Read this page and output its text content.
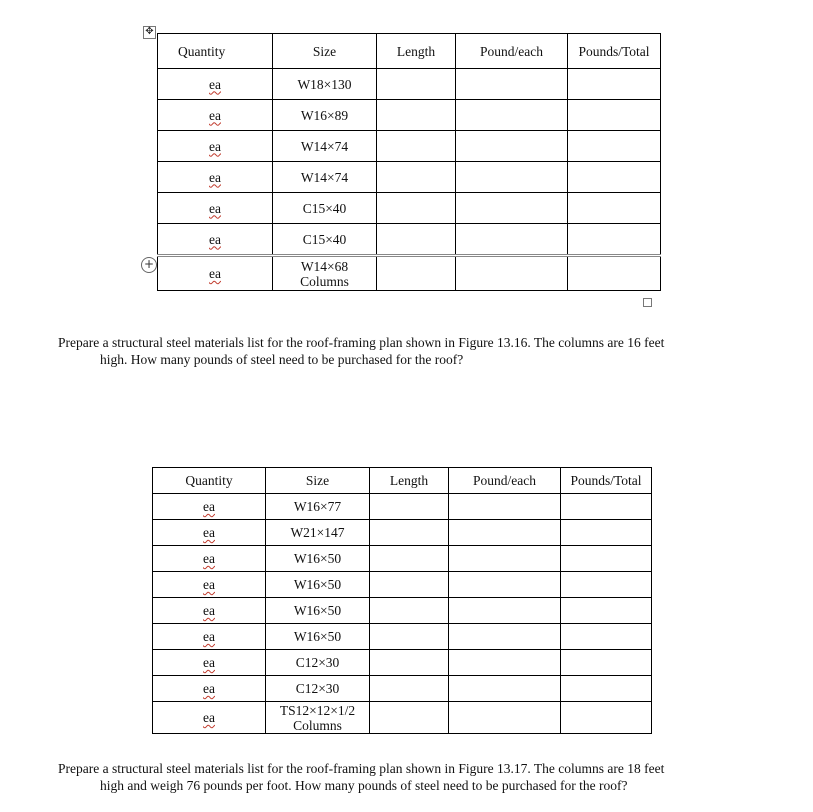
✥
+
Quantity	Size	Length	Pound/each	Pounds/Total
ea	W18×130			
ea	W16×89			
ea	W14×74			
ea	W14×74			
ea	C15×40			
ea	C15×40			
ea	W14×68
Columns			

Prepare a structural steel materials list for the roof-framing plan shown in Figure 13.16. The columns are 16 feet
high. How many pounds of steel need to be purchased for the roof?

Quantity	Size	Length	Pound/each	Pounds/Total
ea	W16×77			
ea	W21×147			
ea	W16×50			
ea	W16×50			
ea	W16×50			
ea	W16×50			
ea	C12×30			
ea	C12×30			
ea	TS12×12×1/2
Columns			

Prepare a structural steel materials list for the roof-framing plan shown in Figure 13.17. The columns are 18 feet
high and weigh 76 pounds per foot. How many pounds of steel need to be purchased for the roof?
